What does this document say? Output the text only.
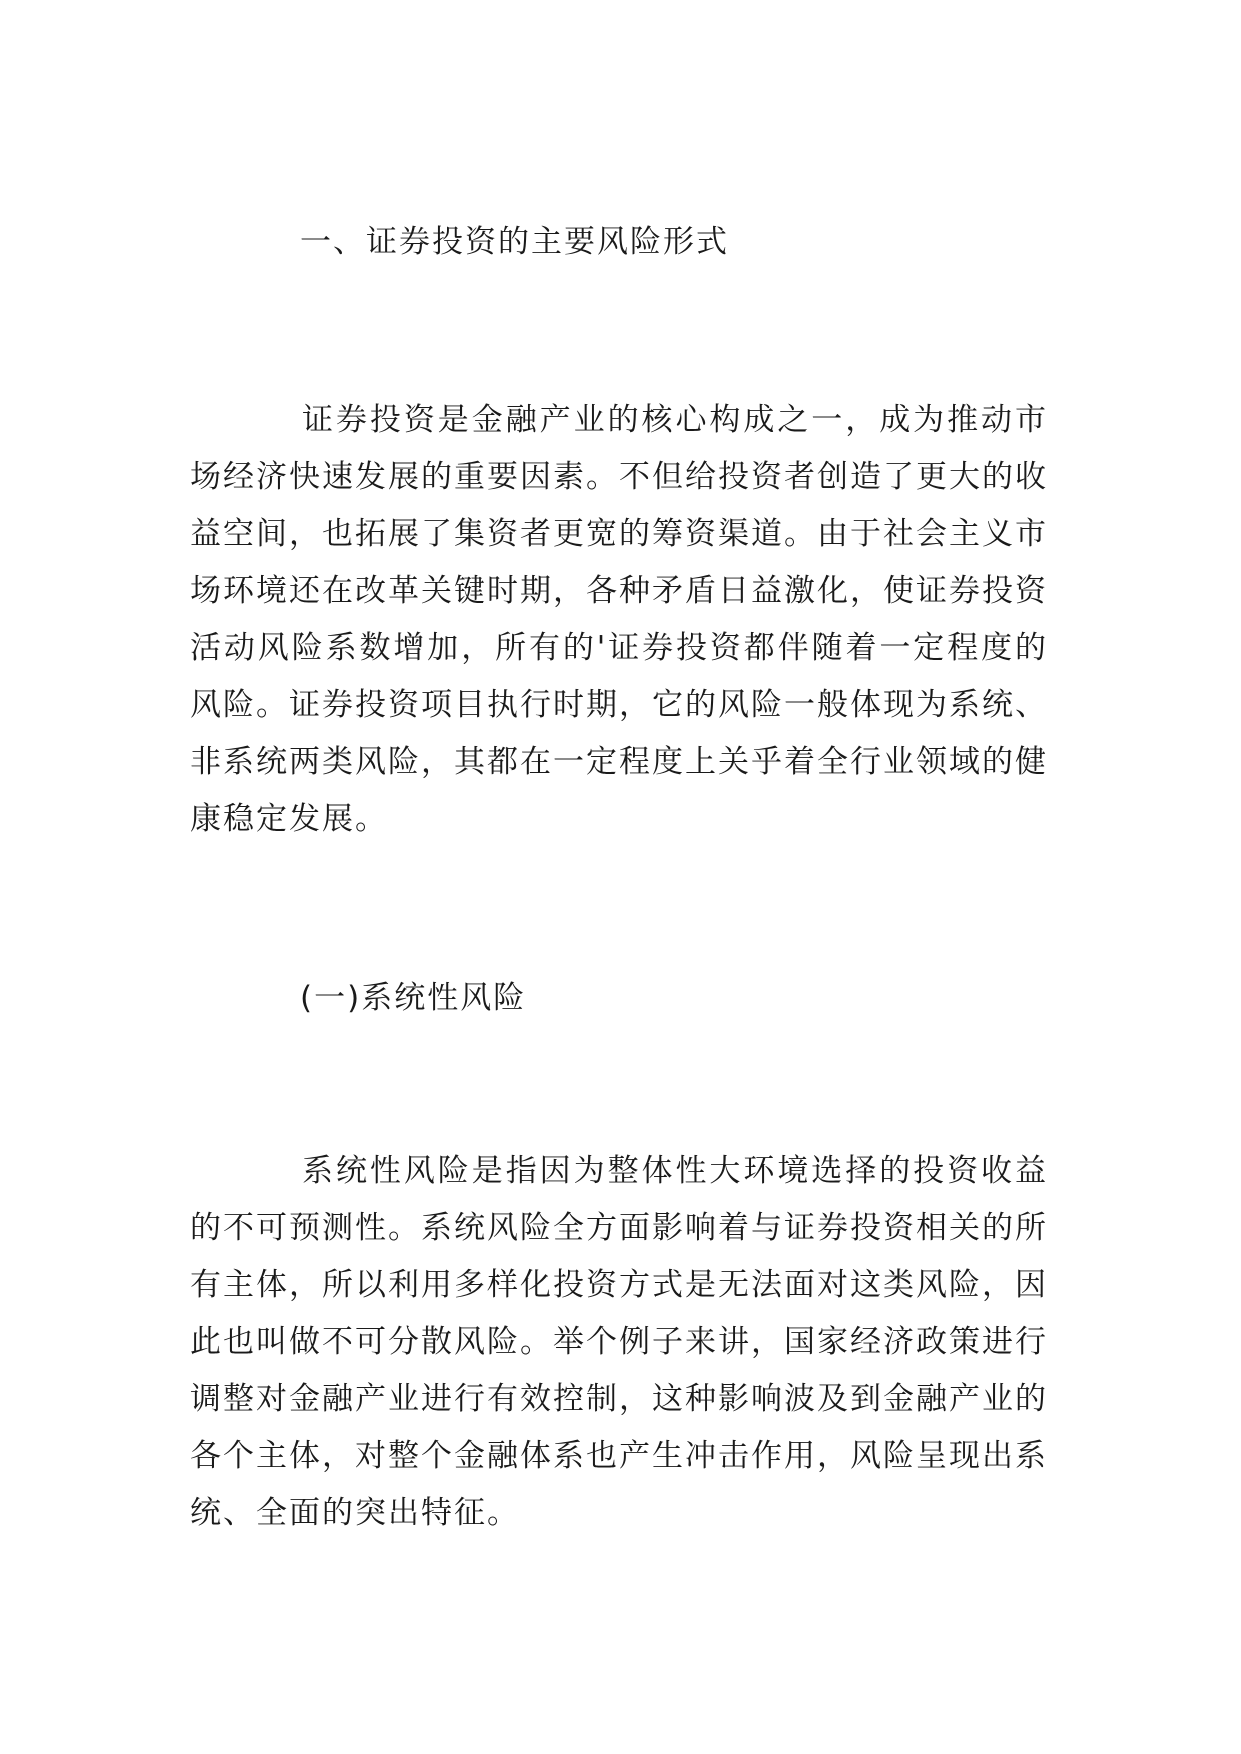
一、证券投资的主要风险形式

证券投资是金融产业的核心构成之一，成为推动市场经济快速发展的重要因素。不但给投资者创造了更大的收益空间，也拓展了集资者更宽的筹资渠道。由于社会主义市场环境还在改革关键时期，各种矛盾日益激化，使证券投资活动风险系数增加，所有的'证券投资都伴随着一定程度的风险。证券投资项目执行时期，它的风险一般体现为系统、非系统两类风险，其都在一定程度上关乎着全行业领域的健康稳定发展。

(一)系统性风险

系统性风险是指因为整体性大环境选择的投资收益的不可预测性。系统风险全方面影响着与证券投资相关的所有主体，所以利用多样化投资方式是无法面对这类风险，因此也叫做不可分散风险。举个例子来讲，国家经济政策进行调整对金融产业进行有效控制，这种影响波及到金融产业的各个主体，对整个金融体系也产生冲击作用，风险呈现出系统、全面的突出特征。
